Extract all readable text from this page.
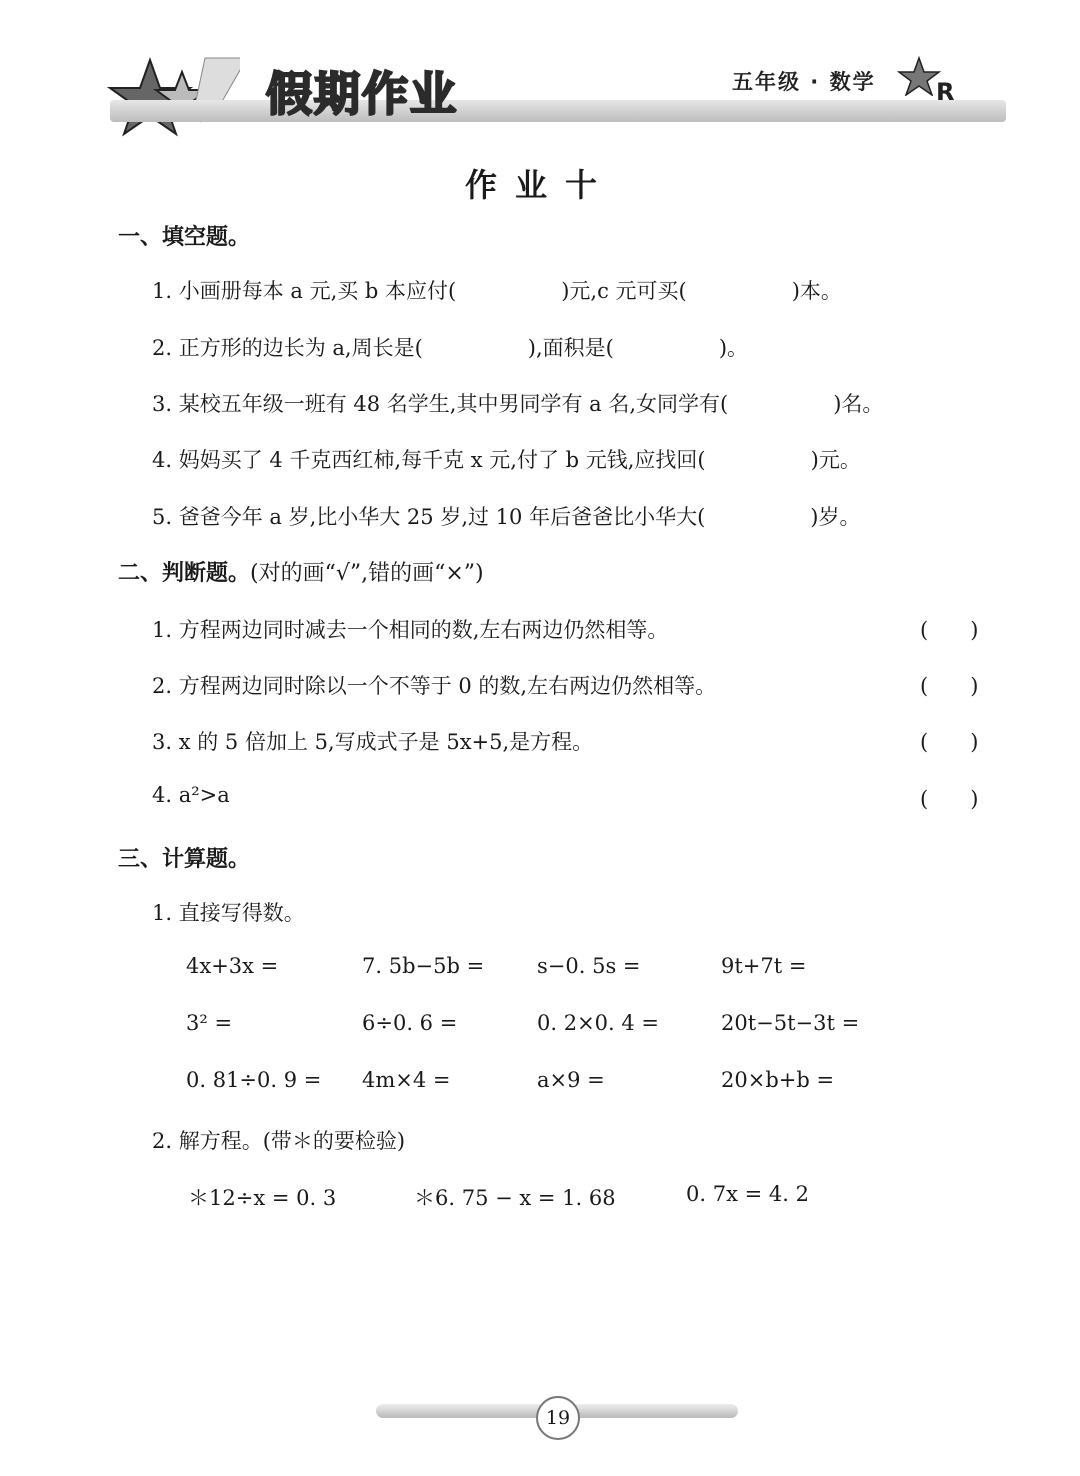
假期作业	五年级 · 数学	R
作业十
一、填空题。
1. 小画册每本 a 元,买 b 本应付(　　　　　)元,c 元可买(　　　　　)本。
2. 正方形的边长为 a,周长是(　　　　　),面积是(　　　　　)。
3. 某校五年级一班有 48 名学生,其中男同学有 a 名,女同学有(　　　　　)名。
4. 妈妈买了 4 千克西红柿,每千克 x 元,付了 b 元钱,应找回(　　　　　)元。
5. 爸爸今年 a 岁,比小华大 25 岁,过 10 年后爸爸比小华大(　　　　　)岁。
二、判断题。(对的画“√”,错的画“×”)
1. 方程两边同时减去一个相同的数,左右两边仍然相等。	(　　)
2. 方程两边同时除以一个不等于 0 的数,左右两边仍然相等。	(　　)
3. x 的 5 倍加上 5,写成式子是 5x+5,是方程。	(　　)
4. a²>a	(　　)
三、计算题。
1. 直接写得数。
4x+3x =	7. 5b−5b =	s−0. 5s =	9t+7t =
3² =	6÷0. 6 =	0. 2×0. 4 =	20t−5t−3t =
0. 81÷0. 9 = 4m×4 =	a×9 =	20×b+b =
2. 解方程。(带＊的要检验)
＊12÷x = 0. 3	＊6. 75 − x = 1. 68	0. 7x = 4. 2
19
